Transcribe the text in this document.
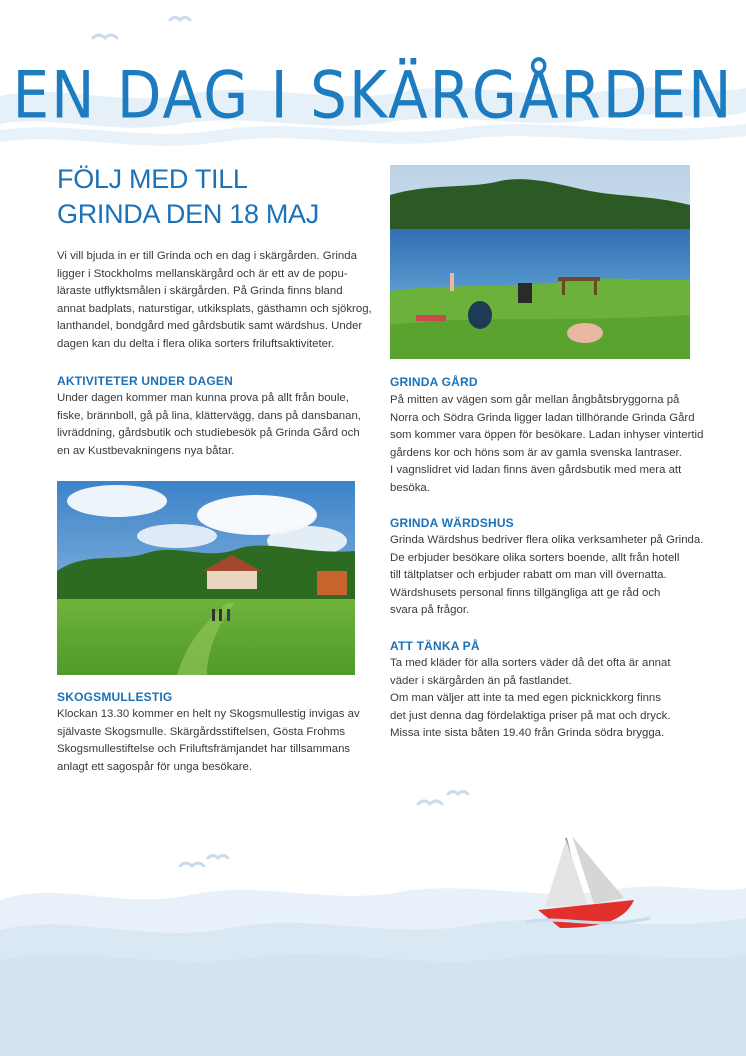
EN DAG I SKÄRGÅRDEN
FÖLJ MED TILL
GRINDA DEN 18 MAJ
Vi vill bjuda in er till Grinda och en dag i skärgården. Grinda
ligger i Stockholms mellanskärgård och är ett av de popu-
läraste utflyktsmålen i skärgården. På Grinda finns bland
annat badplats, naturstigar, utkiksplats, gästhamn och sjökrog,
lanthandel, bondgård med gårdsbutik samt wärdshus. Under
dagen kan du delta i flera olika sorters friluftsaktiviteter.
AKTIVITETER UNDER DAGEN
Under dagen kommer man kunna prova på allt från boule,
fiske, brännboll, gå på lina, klättervägg, dans på dansbanan,
livräddning, gårdsbutik och studiebesök på Grinda Gård och
en av Kustbevakningens nya båtar.
SKOGSMULLESTIG
Klockan 13.30 kommer en helt ny Skogsmullestig invigas av
självaste Skogsmulle. Skärgårdsstiftelsen, Gösta Frohms
Skogsmullestiftelse och Friluftsfrämjandet har tillsammans
anlagt ett sagospår för unga besökare.
GRINDA GÅRD
På mitten av vägen som går mellan ångbåtsbryggorna på
Norra och Södra Grinda ligger ladan tillhörande Grinda Gård
som kommer vara öppen för besökare. Ladan inhyser vintertid
gårdens kor och höns som är av gamla svenska lantraser.
I vagnslidret vid ladan finns även gårdsbutik med mera att
besöka.
GRINDA WÄRDSHUS
Grinda Wärdshus bedriver flera olika verksamheter på Grinda.
De erbjuder besökare olika sorters boende, allt från hotell
till tältplatser och erbjuder rabatt om man vill övernatta.
Wärdshusets personal finns tillgängliga att ge råd och
svara på frågor.
ATT TÄNKA PÅ
Ta med kläder för alla sorters väder då det ofta är annat
väder i skärgården än på fastlandet.
Om man väljer att inte ta med egen picknickkorg finns
det just denna dag fördelaktiga priser på mat och dryck.
Missa inte sista båten 19.40 från Grinda södra brygga.
